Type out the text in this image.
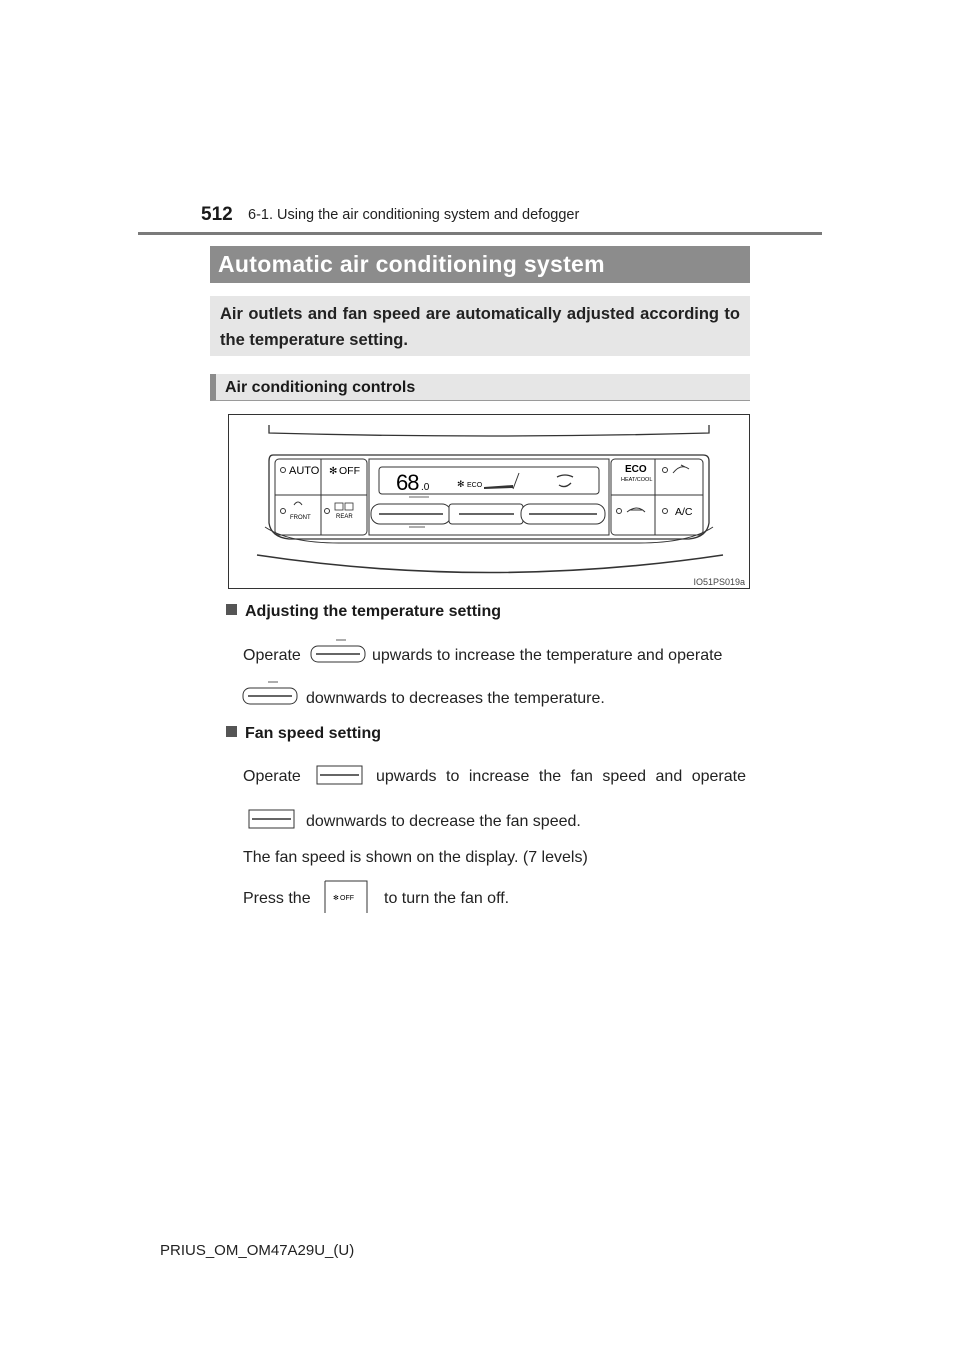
512 6-1. Using the air conditioning system and defogger
Automatic air conditioning system
Air outlets and fan speed are automatically adjusted according to the temperature setting.
Air conditioning controls
AUTO ✻ OFF
FRONT	REAR
68 .0	✻ ECO
ECO
HEAT/COOL
A/C
IO51PS019a
Adjusting the temperature setting
Operate	upwards to increase the temperature and operate
downwards to decreases the temperature.
Fan speed setting
Operate	upwards to increase the fan speed and operate
downwards to decrease the fan speed.
The fan speed is shown on the display. (7 levels)
Press the	✻ OFF to turn the fan off.
PRIUS_OM_OM47A29U_(U)
